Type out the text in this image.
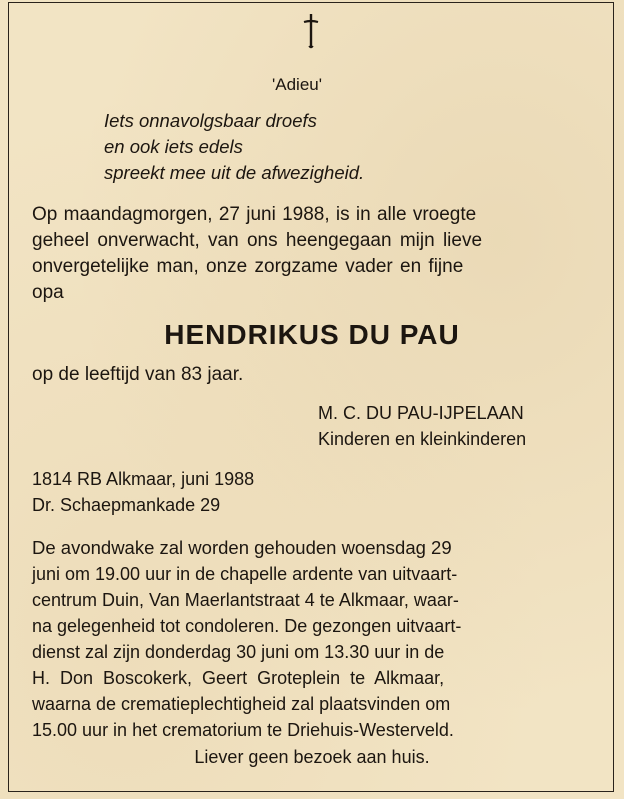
'Adieu'
Iets onnavolgsbaar droefs
en ook iets edels
spreekt mee uit de afwezigheid.
Op maandagmorgen, 27 juni 1988, is in alle vroegte
geheel onverwacht, van ons heengegaan mijn lieve
onvergetelijke man, onze zorgzame vader en fijne
opa
HENDRIKUS DU PAU
op de leeftijd van 83 jaar.
M. C. DU PAU-IJPELAAN
Kinderen en kleinkinderen
1814 RB Alkmaar, juni 1988
Dr. Schaepmankade 29
De avondwake zal worden gehouden woensdag 29
juni om 19.00 uur in de chapelle ardente van uitvaart-
centrum Duin, Van Maerlantstraat 4 te Alkmaar, waar-
na gelegenheid tot condoleren. De gezongen uitvaart-
dienst zal zijn donderdag 30 juni om 13.30 uur in de
H. Don Boscokerk, Geert Groteplein te Alkmaar,
waarna de crematieplechtigheid zal plaatsvinden om
15.00 uur in het crematorium te Driehuis-Westerveld.
Liever geen bezoek aan huis.
